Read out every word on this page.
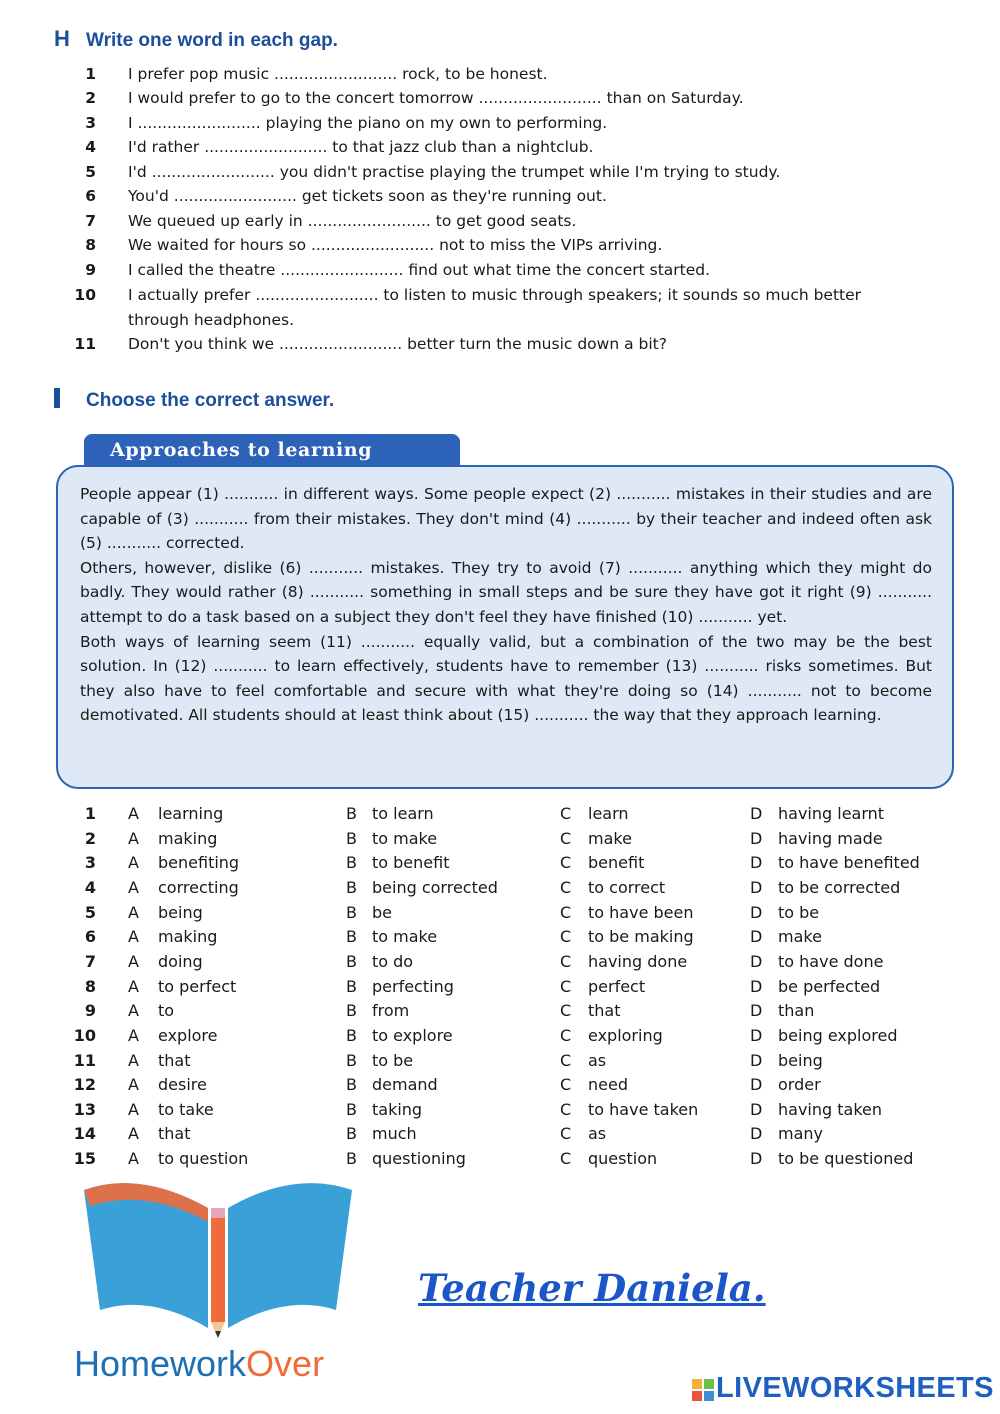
H Write one word in each gap.
1 I prefer pop music ......................... rock, to be honest.
2 I would prefer to go to the concert tomorrow ......................... than on Saturday.
3 I ......................... playing the piano on my own to performing.
4 I'd rather ......................... to that jazz club than a nightclub.
5 I'd ......................... you didn't practise playing the trumpet while I'm trying to study.
6 You'd ......................... get tickets soon as they're running out.
7 We queued up early in ......................... to get good seats.
8 We waited for hours so ......................... not to miss the VIPs arriving.
9 I called the theatre ......................... find out what time the concert started.
10 I actually prefer ......................... to listen to music through speakers; it sounds so much better
through headphones.
11 Don't you think we ......................... better turn the music down a bit?
Choose the correct answer.
Approaches to learning

People appear (1) ........... in different ways. Some people expect (2) ........... mistakes in their studies and are capable of (3) ........... from their mistakes. They don't mind (4) ........... by their teacher and indeed often ask (5) ........... corrected.

Others, however, dislike (6) ........... mistakes. They try to avoid (7) ........... anything which they might do badly. They would rather (8) ........... something in small steps and be sure they have got it right (9) ........... attempt to do a task based on a subject they don't feel they have finished (10) ........... yet.

Both ways of learning seem (11) ........... equally valid, but a combination of the two may be the best solution. In (12) ........... to learn effectively, students have to remember (13) ........... risks sometimes. But they also have to feel comfortable and secure with what they're doing so (14) ........... not to become demotivated. All students should at least think about (15) ........... the way that they approach learning.

1 A learning	B to learn	C learn	D having learnt
2 A making	B to make	C make	D having made
3 A benefiting	B to benefit	C benefit	D to have benefited
4 A correcting	B being corrected	C to correct	D to be corrected
5 A being	B be	C to have been	D to be
6 A making	B to make	C to be making	D make
7 A doing	B to do	C having done	D to have done
8 A to perfect	B perfecting	C perfect	D be perfected
9 A to	B from	C that	D than
10 A explore	B to explore	C exploring	D being explored
11 A that	B to be	C as	D being
12 A desire	B demand	C need	D order
13 A to take	B taking	C to have taken	D having taken
14 A that	B much	C as	D many
15 A to question	B questioning	C question	D to be questioned
HomeworkOver
Teacher Daniela.
LIVEWORKSHEETS
